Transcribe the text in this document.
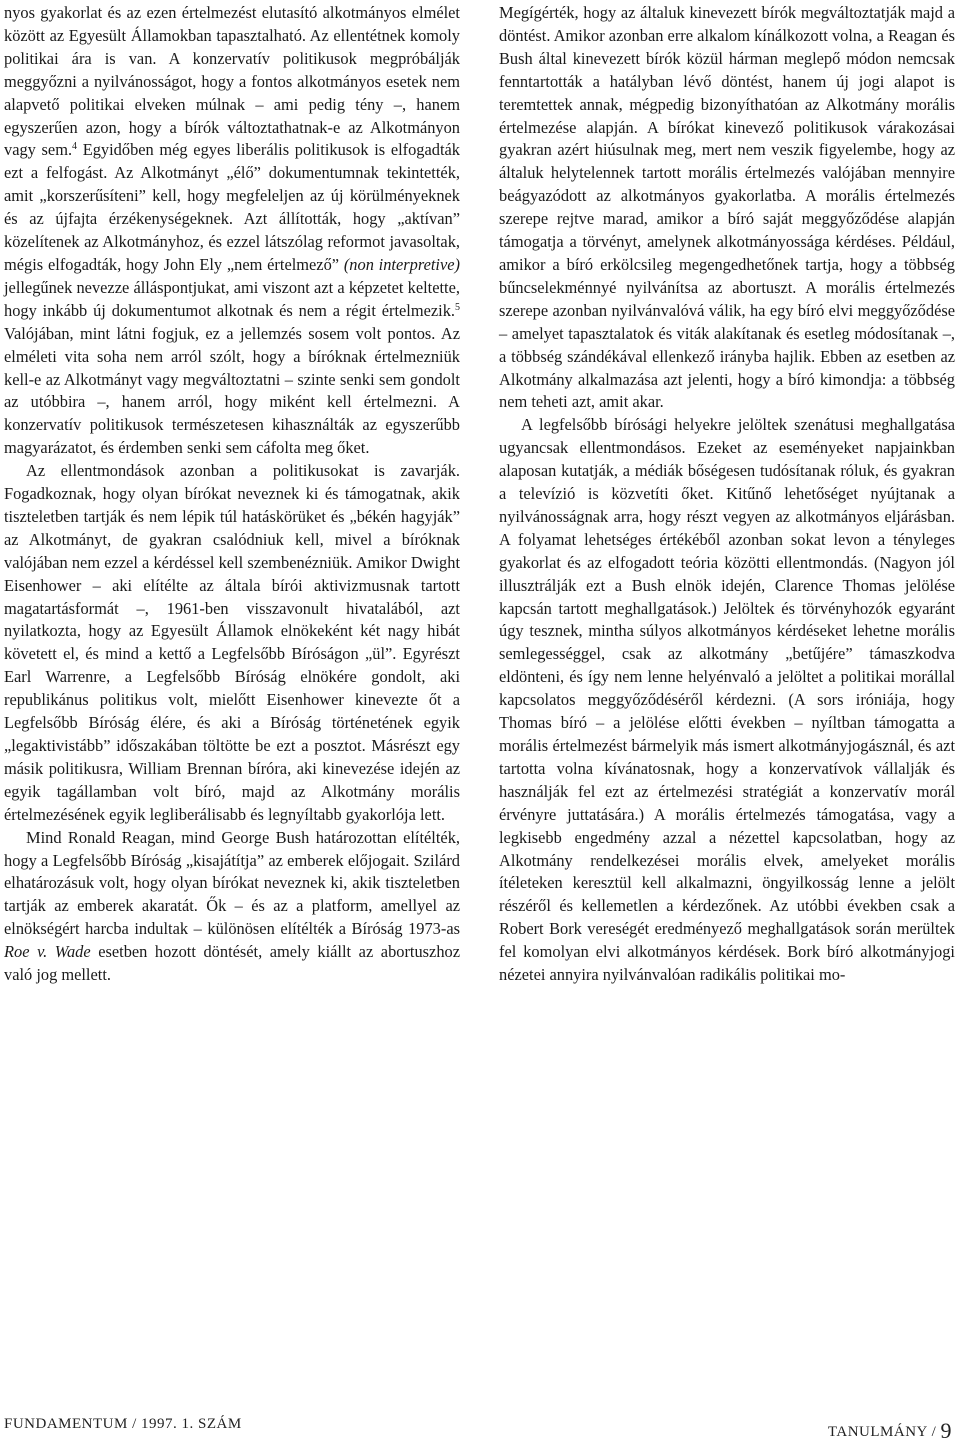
nyos gyakorlat és az ezen értelmezést elutasító alkotmányos elmélet között az Egyesült Államokban tapasztalható. Az ellentétnek komoly politikai ára is van. A konzervatív politikusok megpróbálják meggyőzni a nyilvánosságot, hogy a fontos alkotmányos esetek nem alapvető politikai elveken múlnak – ami pedig tény –, hanem egyszerűen azon, hogy a bírók változtathatnak-e az Alkotmányon vagy sem.$^4$ Egyidőben még egyes liberális politikusok is elfogadták ezt a felfogást. Az Alkotmányt „élő” dokumentumnak tekintették, amit „korszerűsíteni” kell, hogy megfeleljen az új körülményeknek és az újfajta érzékenységeknek. Azt állították, hogy „aktívan” közelítenek az Alkotmányhoz, és ezzel látszólag reformot javasoltak, mégis elfogadták, hogy John Ely „nem értelmező” (non interpretive) jellegűnek nevezze álláspontjukat, ami viszont azt a képzetet keltette, hogy inkább új dokumentumot alkotnak és nem a régit értelmezik.$^5$ Valójában, mint látni fogjuk, ez a jellemzés sosem volt pontos. Az elméleti vita soha nem arról szólt, hogy a bíróknak értelmezniük kell-e az Alkotmányt vagy megváltoztatni – szinte senki sem gondolt az utóbbira –, hanem arról, hogy miként kell értelmezni. A konzervatív politikusok természetesen kihasználták az egyszerűbb magyarázatot, és érdemben senki sem cáfolta meg őket.

Az ellentmondások azonban a politikusokat is zavarják. Fogadkoznak, hogy olyan bírókat neveznek ki és támogatnak, akik tiszteletben tartják és nem lépik túl hatáskörüket és „békén hagyják” az Alkotmányt, de gyakran csalódniuk kell, mivel a bíróknak valójában nem ezzel a kérdéssel kell szembenézniük. Amikor Dwight Eisenhower – aki elítélte az általa bírói aktivizmusnak tartott magatartásformát –, 1961-ben visszavonult hivatalából, azt nyilatkozta, hogy az Egyesült Államok elnökeként két nagy hibát követett el, és mind a kettő a Legfelsőbb Bíróságon „ül”. Egyrészt Earl Warrenre, a Legfelsőbb Bíróság elnökére gondolt, aki republikánus politikus volt, mielőtt Eisenhower kinevezte őt a Legfelsőbb Bíróság élére, és aki a Bíróság történetének egyik „legaktivistább” időszakában töltötte be ezt a posztot. Másrészt egy másik politikusra, William Brennan bíróra, aki kinevezése idején az egyik tagállamban volt bíró, majd az Alkotmány morális értelmezésének egyik legliberálisabb és legnyíltabb gyakorlója lett.

Mind Ronald Reagan, mind George Bush határozottan elítélték, hogy a Legfelsőbb Bíróság „kisajátítja” az emberek előjogait. Szilárd elhatározásuk volt, hogy olyan bírókat neveznek ki, akik tiszteletben tartják az emberek akaratát. Ők – és az a platform, amellyel az elnökségért harcba indultak – különösen elítélték a Bíróság 1973-as Roe v. Wade esetben hozott döntését, amely kiállt az abortuszhoz való jog mellett.

Megígérték, hogy az általuk kinevezett bírók megváltoztatják majd a döntést. Amikor azonban erre alkalom kínálkozott volna, a Reagan és Bush által kinevezett bírók közül hárman meglepő módon nemcsak fenntartották a hatályban lévő döntést, hanem új jogi alapot is teremtettek annak, mégpedig bizonyíthatóan az Alkotmány morális értelmezése alapján. A bírókat kinevező politikusok várakozásai gyakran azért hiúsulnak meg, mert nem veszik figyelembe, hogy az általuk helytelennek tartott morális értelmezés valójában mennyire beágyazódott az alkotmányos gyakorlatba. A morális értelmezés szerepe rejtve marad, amikor a bíró saját meggyőződése alapján támogatja a törvényt, amelynek alkotmányossága kérdéses. Például, amikor a bíró erkölcsileg megengedhetőnek tartja, hogy a többség bűncselekménnyé nyilvánítsa az abortuszt. A morális értelmezés szerepe azonban nyilvánvalóvá válik, ha egy bíró elvi meggyőződése – amelyet tapasztalatok és viták alakítanak és esetleg módosítanak –, a többség szándékával ellenkező irányba hajlik. Ebben az esetben az Alkotmány alkalmazása azt jelenti, hogy a bíró kimondja: a többség nem teheti azt, amit akar.

A legfelsőbb bírósági helyekre jelöltek szenátusi meghallgatása ugyancsak ellentmondásos. Ezeket az eseményeket napjainkban alaposan kutatják, a médiák bőségesen tudósítanak róluk, és gyakran a televízió is közvetíti őket. Kitűnő lehetőséget nyújtanak a nyilvánosságnak arra, hogy részt vegyen az alkotmányos eljárásban. A folyamat lehetséges értékéből azonban sokat levon a tényleges gyakorlat és az elfogadott teória közötti ellentmondás. (Nagyon jól illusztrálják ezt a Bush elnök idején, Clarence Thomas jelölése kapcsán tartott meghallgatások.) Jelöltek és törvényhozók egyaránt úgy tesznek, mintha súlyos alkotmányos kérdéseket lehetne morális semlegességgel, csak az alkotmány „betűjére” támaszkodva eldönteni, és így nem lenne helyénvaló a jelöltet a politikai morállal kapcsolatos meggyőződéséről kérdezni. (A sors iróniája, hogy Thomas bíró – a jelölése előtti években – nyíltban támogatta a morális értelmezést bármelyik más ismert alkotmányjogásznál, és azt tartotta volna kívánatosnak, hogy a konzervatívok vállalják és használják fel ezt az értelmezési stratégiát a konzervatív morál érvényre juttatására.) A morális értelmezés támogatása, vagy a legkisebb engedmény azzal a nézettel kapcsolatban, hogy az Alkotmány rendelkezései morális elvek, amelyeket morális ítéleteken keresztül kell alkalmazni, öngyilkosság lenne a jelölt részéről és kellemetlen a kérdezőnek. Az utóbbi években csak a Robert Bork vereségét eredményező meghallgatások során merültek fel komolyan elvi alkotmányos kérdések. Bork bíró alkotmányjogi nézetei annyira nyilvánvalóan radikális politikai mo-

FUNDAMENTUM / 1997. 1. SZÁM	TANULMÁNY / 9
